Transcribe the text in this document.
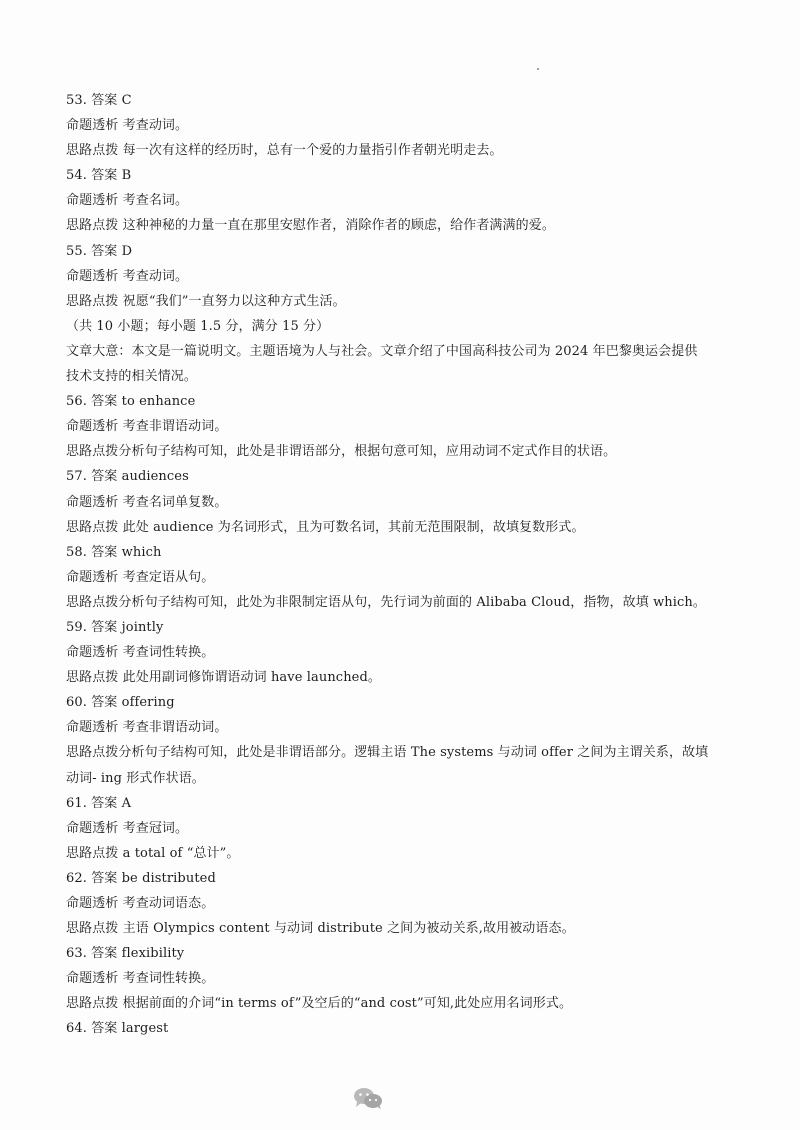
53. 答案 C
命题透析 考查动词。
思路点拨 每一次有这样的经历时，总有一个爱的力量指引作者朝光明走去。
54. 答案 B
命题透析 考查名词。
思路点拨 这种神秘的力量一直在那里安慰作者，消除作者的顾虑，给作者满满的爱。
55. 答案 D
命题透析 考查动词。
思路点拨 祝愿“我们”一直努力以这种方式生活。
（共 10 小题；每小题 1.5 分，满分 15 分）
文章大意：本文是一篇说明文。主题语境为人与社会。文章介绍了中国高科技公司为 2024 年巴黎奥运会提供
技术支持的相关情况。
56. 答案 to enhance
命题透析 考查非谓语动词。
思路点拨分析句子结构可知，此处是非谓语部分，根据句意可知，应用动词不定式作目的状语。
57. 答案 audiences
命题透析 考查名词单复数。
思路点拨 此处 audience 为名词形式，且为可数名词，其前无范围限制，故填复数形式。
58. 答案 which
命题透析 考查定语从句。
思路点拨分析句子结构可知，此处为非限制定语从句，先行词为前面的 Alibaba Cloud，指物，故填 which。
59. 答案 jointly
命题透析 考查词性转换。
思路点拨 此处用副词修饰谓语动词 have launched。
60. 答案 offering
命题透析 考查非谓语动词。
思路点拨分析句子结构可知，此处是非谓语部分。逻辑主语 The systems 与动词 offer 之间为主谓关系，故填
动词- ing 形式作状语。
61. 答案 A
命题透析 考查冠词。
思路点拨 a total of “总计”。
62. 答案 be distributed
命题透析 考查动词语态。
思路点拨 主语 Olympics content 与动词 distribute 之间为被动关系,故用被动语态。
63. 答案 flexibility
命题透析 考查词性转换。
思路点拨 根据前面的介词“in terms of”及空后的“and cost”可知,此处应用名词形式。
64. 答案 largest
